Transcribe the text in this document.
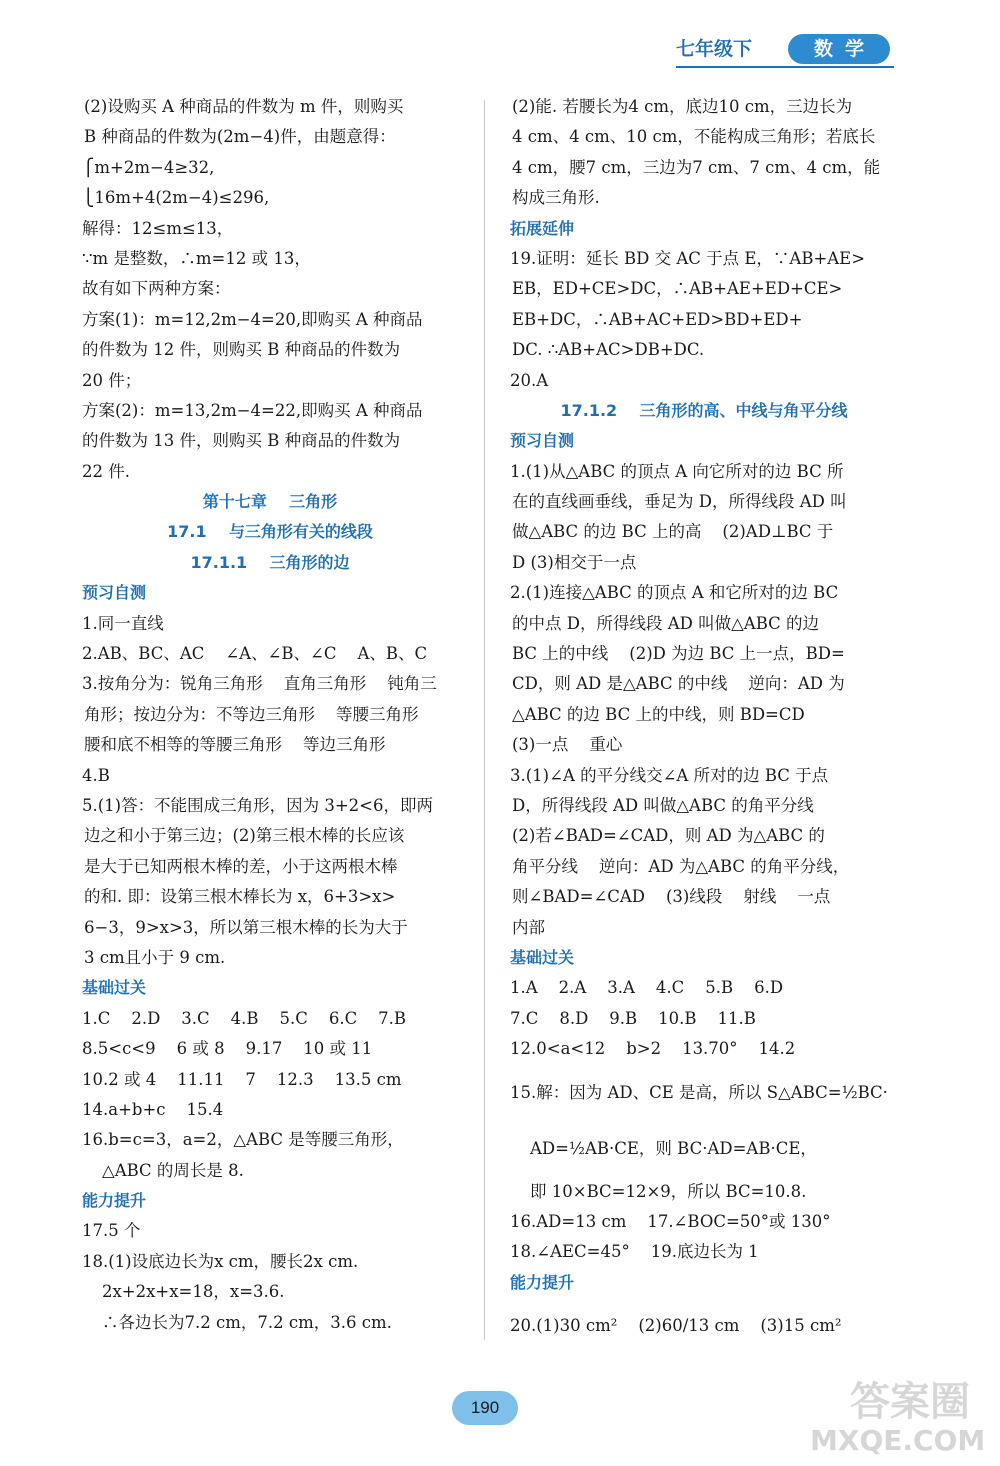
七年级下	数学
(2)设购买 A 种商品的件数为 m 件，则购买
B 种商品的件数为(2m−4)件，由题意得：
⎧m+2m−4≥32,
⎩16m+4(2m−4)≤296,
解得：12≤m≤13，
∵m 是整数，∴m=12 或 13，
故有如下两种方案：
方案(1)：m=12,2m−4=20,即购买 A 种商品
的件数为 12 件，则购买 B 种商品的件数为
20 件；
方案(2)：m=13,2m−4=22,即购买 A 种商品
的件数为 13 件，则购买 B 种商品的件数为
22 件.
第十七章    三角形
17.1    与三角形有关的线段
17.1.1    三角形的边
预习自测
1.同一直线
2.AB、BC、AC    ∠A、∠B、∠C    A、B、C
3.按角分为：锐角三角形    直角三角形    钝角三
角形；按边分为：不等边三角形    等腰三角形
腰和底不相等的等腰三角形    等边三角形
4.B
5.(1)答：不能围成三角形，因为 3+2<6，即两
边之和小于第三边；(2)第三根木棒的长应该
是大于已知两根木棒的差，小于这两根木棒
的和. 即：设第三根木棒长为 x，6+3>x>
6−3，9>x>3，所以第三根木棒的长为大于
3 cm且小于 9 cm.
基础过关
1.C    2.D    3.C    4.B    5.C    6.C    7.B
8.5<c<9    6 或 8    9.17    10 或 11
10.2 或 4    11.11    7    12.3    13.5 cm
14.a+b+c    15.4
16.b=c=3，a=2，△ABC 是等腰三角形，
△ABC 的周长是 8.
能力提升
17.5 个
18.(1)设底边长为x cm，腰长2x cm.
2x+2x+x=18，x=3.6.
∴各边长为7.2 cm，7.2 cm，3.6 cm.
(2)能. 若腰长为4 cm，底边10 cm，三边长为
4 cm、4 cm、10 cm，不能构成三角形；若底长
4 cm，腰7 cm，三边为7 cm、7 cm、4 cm，能
构成三角形.
拓展延伸
19.证明：延长 BD 交 AC 于点 E，∵AB+AE>
EB，ED+CE>DC，∴AB+AE+ED+CE>
EB+DC，∴AB+AC+ED>BD+ED+
DC. ∴AB+AC>DB+DC.
20.A
17.1.2    三角形的高、中线与角平分线
预习自测
1.(1)从△ABC 的顶点 A 向它所对的边 BC 所
在的直线画垂线，垂足为 D，所得线段 AD 叫
做△ABC 的边 BC 上的高    (2)AD⊥BC 于
D (3)相交于一点
2.(1)连接△ABC 的顶点 A 和它所对的边 BC
的中点 D，所得线段 AD 叫做△ABC 的边
BC 上的中线    (2)D 为边 BC 上一点，BD=
CD，则 AD 是△ABC 的中线    逆向：AD 为
△ABC 的边 BC 上的中线，则 BD=CD
(3)一点    重心
3.(1)∠A 的平分线交∠A 所对的边 BC 于点
D，所得线段 AD 叫做△ABC 的角平分线
(2)若∠BAD=∠CAD，则 AD 为△ABC 的
角平分线    逆向：AD 为△ABC 的角平分线，
则∠BAD=∠CAD    (3)线段    射线    一点
内部
基础过关
1.A    2.A    3.A    4.C    5.B    6.D
7.C    8.D    9.B    10.B    11.B
12.0<a<12    b>2    13.70°    14.2
15.解：因为 AD、CE 是高，所以 S△ABC=½BC·
AD=½AB·CE，则 BC·AD=AB·CE，
即 10×BC=12×9，所以 BC=10.8.
16.AD=13 cm    17.∠BOC=50°或 130°
18.∠AEC=45°    19.底边长为 1
能力提升
20.(1)30 cm²    (2)60/13 cm    (3)15 cm²
190	答案圈
MXQE.COM
